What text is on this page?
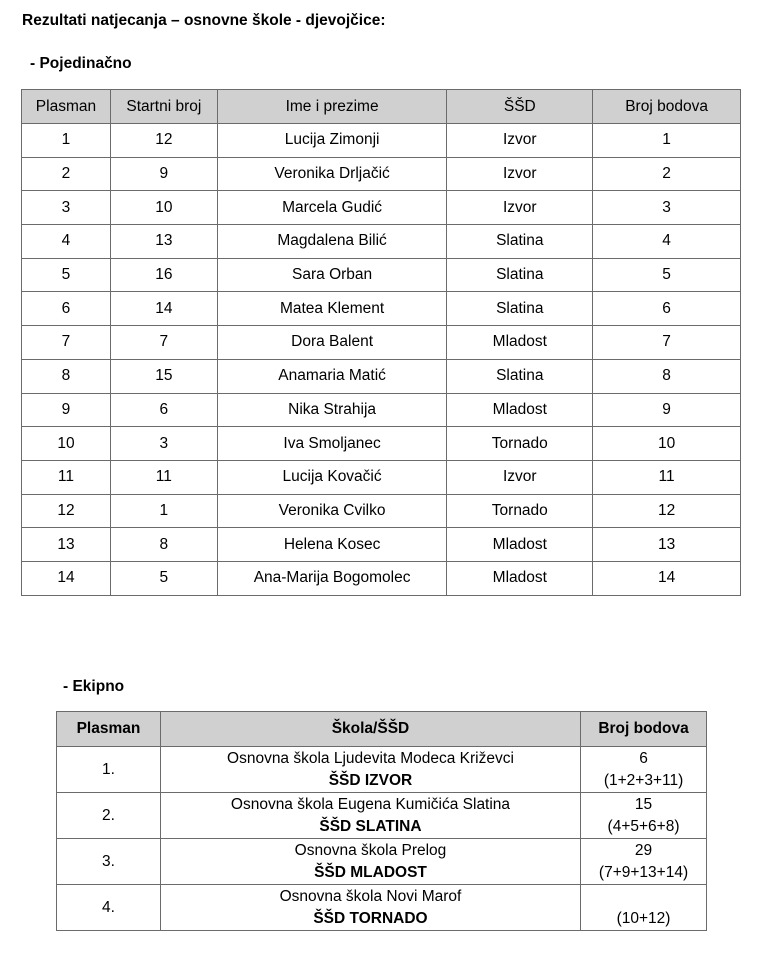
Rezultati natjecanja – osnovne škole - djevojčice:
- Pojedinačno
Plasman	Startni broj	Ime i prezime	ŠŠD	Broj bodova
1	12	Lucija Zimonji	Izvor	1
2	9	Veronika Drljačić	Izvor	2
3	10	Marcela Gudić	Izvor	3
4	13	Magdalena Bilić	Slatina	4
5	16	Sara Orban	Slatina	5
6	14	Matea Klement	Slatina	6
7	7	Dora Balent	Mladost	7
8	15	Anamaria Matić	Slatina	8
9	6	Nika Strahija	Mladost	9
10	3	Iva Smoljanec	Tornado	10
11	11	Lucija Kovačić	Izvor	11
12	1	Veronika Cvilko	Tornado	12
13	8	Helena Kosec	Mladost	13
14	5	Ana-Marija Bogomolec	Mladost	14
- Ekipno
Plasman	Škola/ŠŠD	Broj bodova
1.	Osnovna škola Ljudevita Modeca Križevci
ŠŠD IZVOR	6
(1+2+3+11)

2.	Osnovna škola Eugena Kumičića Slatina
ŠŠD SLATINA	15
(4+5+6+8)

3.	Osnovna škola Prelog
ŠŠD MLADOST	29
(7+9+13+14)

4.	Osnovna škola Novi Marof
ŠŠD TORNADO	(10+12)
